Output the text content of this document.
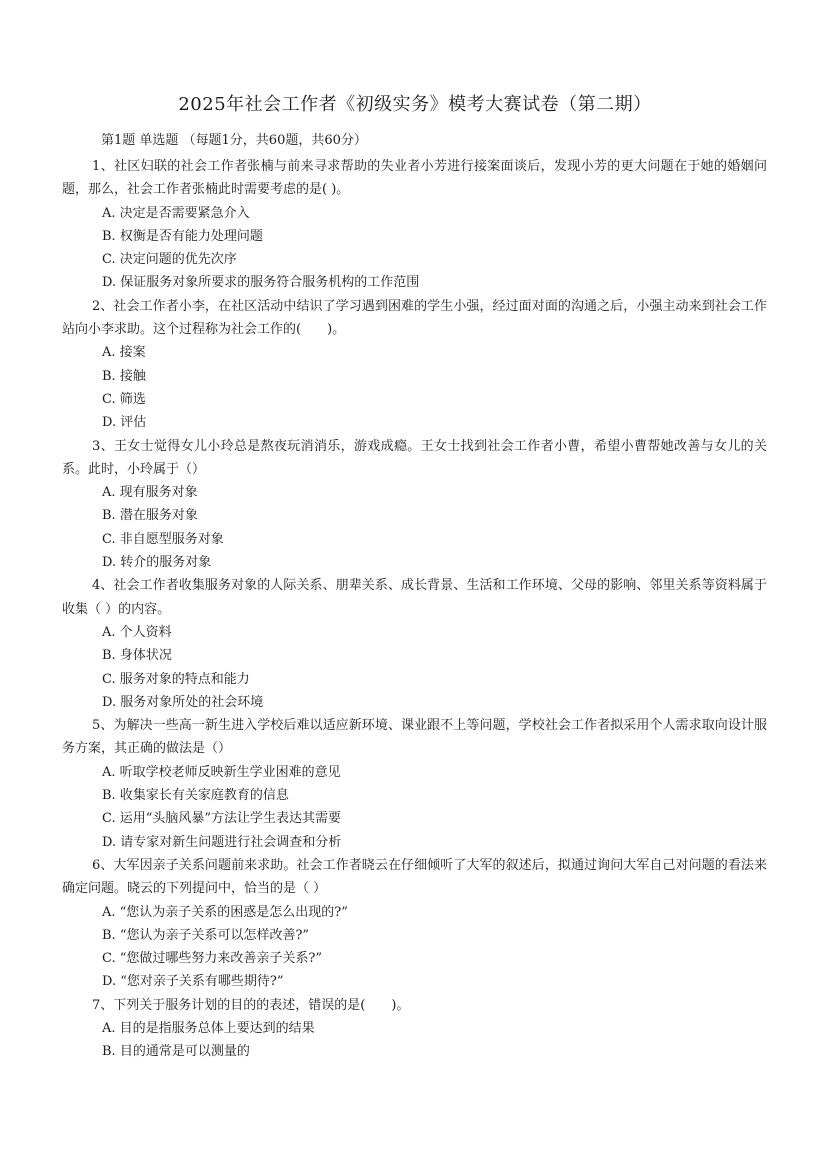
2025年社会工作者《初级实务》模考大赛试卷（第二期）
第1题 单选题 （每题1分，共60题，共60分）

1、社区妇联的社会工作者张楠与前来寻求帮助的失业者小芳进行接案面谈后，发现小芳的更大问题在于她的婚姻问题，那么，社会工作者张楠此时需要考虑的是( )。

A. 决定是否需要紧急介入
B. 权衡是否有能力处理问题
C. 决定问题的优先次序
D. 保证服务对象所要求的服务符合服务机构的工作范围

2、社会工作者小李，在社区活动中结识了学习遇到困难的学生小强，经过面对面的沟通之后，小强主动来到社会工作站向小李求助。这个过程称为社会工作的(　　)。

A. 接案
B. 接触
C. 筛选
D. 评估

3、王女士觉得女儿小玲总是熬夜玩消消乐，游戏成瘾。王女士找到社会工作者小曹，希望小曹帮她改善与女儿的关系。此时，小玲属于（）

A. 现有服务对象
B. 潜在服务对象
C. 非自愿型服务对象
D. 转介的服务对象

4、社会工作者收集服务对象的人际关系、朋辈关系、成长背景、生活和工作环境、父母的影响、邻里关系等资料属于收集（ ）的内容。

A. 个人资料
B. 身体状况
C. 服务对象的特点和能力
D. 服务对象所处的社会环境

5、为解决一些高一新生进入学校后难以适应新环境、课业跟不上等问题，学校社会工作者拟采用个人需求取向设计服务方案，其正确的做法是（）

A. 听取学校老师反映新生学业困难的意见
B. 收集家长有关家庭教育的信息
C. 运用“头脑风暴”方法让学生表达其需要
D. 请专家对新生问题进行社会调查和分析

6、大军因亲子关系问题前来求助。社会工作者晓云在仔细倾听了大军的叙述后，拟通过询问大军自己对问题的看法来确定问题。晓云的下列提问中，恰当的是（ ）

A. “您认为亲子关系的困惑是怎么出现的?”
B. “您认为亲子关系可以怎样改善?”
C. “您做过哪些努力来改善亲子关系?”
D. “您对亲子关系有哪些期待?”

7、下列关于服务计划的目的的表述，错误的是(　　)。

A. 目的是指服务总体上要达到的结果
B. 目的通常是可以测量的
